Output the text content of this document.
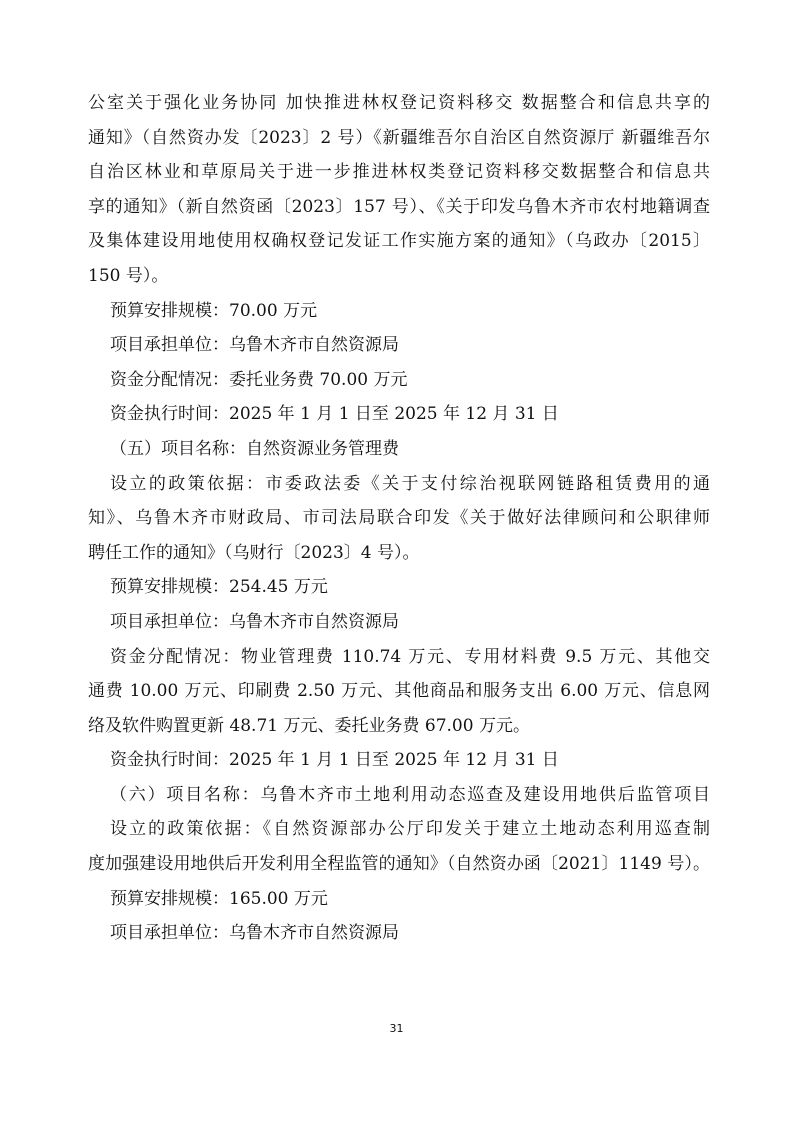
公室关于强化业务协同 加快推进林权登记资料移交 数据整合和信息共享的
通知》（自然资办发〔2023〕2 号）《新疆维吾尔自治区自然资源厅 新疆维吾尔
自治区林业和草原局关于进一步推进林权类登记资料移交数据整合和信息共
享的通知》（新自然资函〔2023〕157 号）、《关于印发乌鲁木齐市农村地籍调查
及集体建设用地使用权确权登记发证工作实施方案的通知》（乌政办〔2015〕
150 号）。
预算安排规模：70.00 万元
项目承担单位：乌鲁木齐市自然资源局
资金分配情况：委托业务费 70.00 万元
资金执行时间：2025 年 1 月 1 日至 2025 年 12 月 31 日
（五）项目名称：自然资源业务管理费
设立的政策依据：市委政法委《关于支付综治视联网链路租赁费用的通
知》、乌鲁木齐市财政局、市司法局联合印发《关于做好法律顾问和公职律师
聘任工作的通知》（乌财行〔2023〕4 号）。
预算安排规模：254.45 万元
项目承担单位：乌鲁木齐市自然资源局
资金分配情况：物业管理费 110.74 万元、专用材料费 9.5 万元、其他交
通费 10.00 万元、印刷费 2.50 万元、其他商品和服务支出 6.00 万元、信息网
络及软件购置更新 48.71 万元、委托业务费 67.00 万元。
资金执行时间：2025 年 1 月 1 日至 2025 年 12 月 31 日
（六）项目名称：乌鲁木齐市土地利用动态巡查及建设用地供后监管项目
设立的政策依据：《自然资源部办公厅印发关于建立土地动态利用巡查制
度加强建设用地供后开发利用全程监管的通知》（自然资办函〔2021〕1149 号）。
预算安排规模：165.00 万元
项目承担单位：乌鲁木齐市自然资源局
31
